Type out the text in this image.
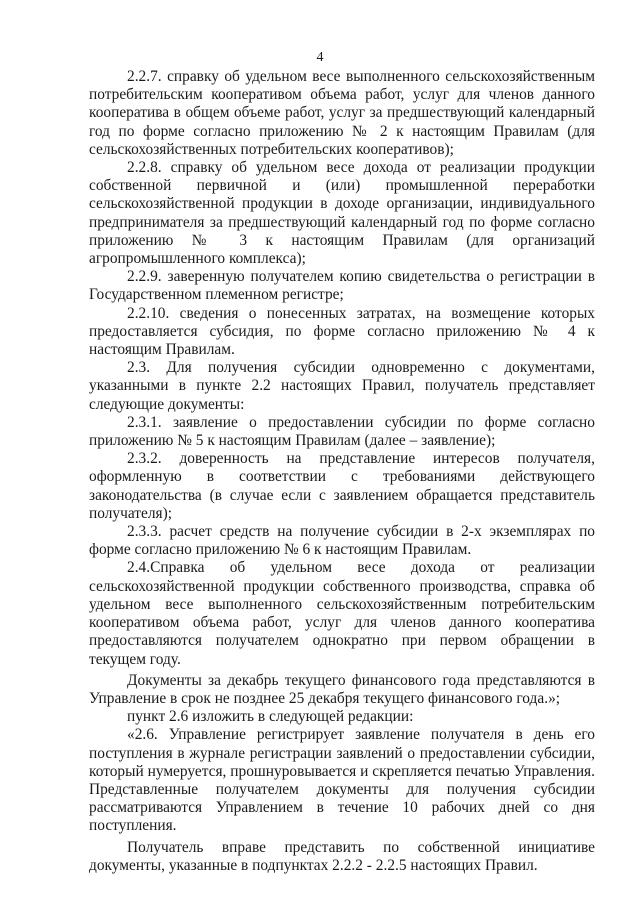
4

2.2.7. справку об удельном весе выполненного сельскохозяйственным потребительским кооперативом объема работ, услуг для членов данного кооператива в общем объеме работ, услуг за предшествующий календарный год по форме согласно приложению № 2 к настоящим Правилам (для сельскохозяйственных потребительских кооперативов);

2.2.8. справку об удельном весе дохода от реализации продукции собственной первичной и (или) промышленной переработки сельскохозяйственной продукции в доходе организации, индивидуального предпринимателя за предшествующий календарный год по форме согласно приложению № 3 к настоящим Правилам (для организаций агропромышленного комплекса);

2.2.9. заверенную получателем копию свидетельства о регистрации в Государственном племенном регистре;

2.2.10. сведения о понесенных затратах, на возмещение которых предоставляется субсидия, по форме согласно приложению № 4 к настоящим Правилам.

2.3. Для получения субсидии одновременно с документами, указанными в пункте 2.2 настоящих Правил, получатель представляет следующие документы:

2.3.1. заявление о предоставлении субсидии по форме согласно приложению № 5 к настоящим Правилам (далее – заявление);

2.3.2. доверенность на представление интересов получателя, оформленную в соответствии с требованиями действующего законодательства (в случае если с заявлением обращается представитель получателя);

2.3.3. расчет средств на получение субсидии в 2-х экземплярах по форме согласно приложению № 6 к настоящим Правилам.

2.4.Справка об удельном весе дохода от реализации сельскохозяйственной продукции собственного производства, справка об удельном весе выполненного сельскохозяйственным потребительским кооперативом объема работ, услуг для членов данного кооператива предоставляются получателем однократно при первом обращении в текущем году.

Документы за декабрь текущего финансового года представляются в Управление в срок не позднее 25 декабря текущего финансового года.»;

пункт 2.6 изложить в следующей редакции:

«2.6. Управление регистрирует заявление получателя в день его поступления в журнале регистрации заявлений о предоставлении субсидии, который нумеруется, прошнуровывается и скрепляется печатью Управления. Представленные получателем документы для получения субсидии рассматриваются Управлением в течение 10 рабочих дней со дня поступления.

Получатель вправе представить по собственной инициативе документы, указанные в подпунктах 2.2.2 - 2.2.5 настоящих Правил.
